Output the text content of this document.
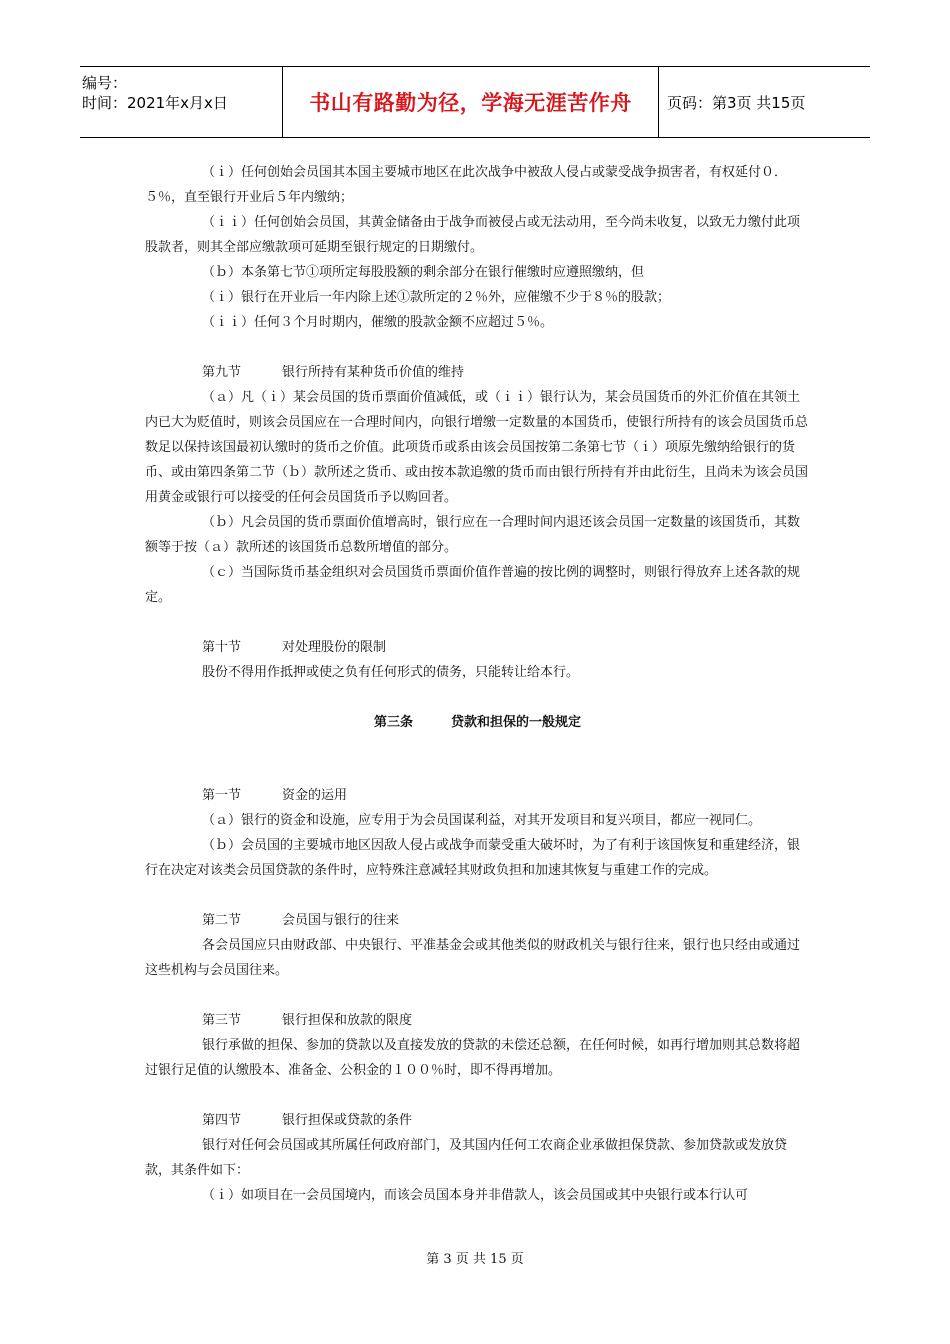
编号：
时间：2021年x月x日	书山有路勤为径，学海无涯苦作舟	页码：第3页 共15页

（ｉ）任何创始会员国其本国主要城市地区在此次战争中被敌人侵占或蒙受战争损害者，有权延付０．５％，直至银行开业后５年内缴纳；

（ｉｉ）任何创始会员国，其黄金储备由于战争而被侵占或无法动用，至今尚未收复，以致无力缴付此项股款者，则其全部应缴款项可延期至银行规定的日期缴付。

（ｂ）本条第七节①项所定每股股额的剩余部分在银行催缴时应遵照缴纳，但

（ｉ）银行在开业后一年内除上述①款所定的２％外，应催缴不少于８％的股款；

（ｉｉ）任何３个月时期内，催缴的股款金额不应超过５％。

第九节	银行所持有某种货币价值的维持

（ａ）凡（ｉ）某会员国的货币票面价值减低，或（ｉｉ）银行认为，某会员国货币的外汇价值在其领土内已大为贬值时，则该会员国应在一合理时间内，向银行增缴一定数量的本国货币，使银行所持有的该会员国货币总数足以保持该国最初认缴时的货币之价值。此项货币或系由该会员国按第二条第七节（ｉ）项原先缴纳给银行的货币、或由第四条第二节（ｂ）款所述之货币、或由按本款追缴的货币而由银行所持有并由此衍生，且尚未为该会员国用黄金或银行可以接受的任何会员国货币予以购回者。

（ｂ）凡会员国的货币票面价值增高时，银行应在一合理时间内退还该会员国一定数量的该国货币，其数额等于按（ａ）款所述的该国货币总数所增值的部分。

（ｃ）当国际货币基金组织对会员国货币票面价值作普遍的按比例的调整时，则银行得放弃上述各款的规定。

第十节	对处理股份的限制

股份不得用作抵押或使之负有任何形式的债务，只能转让给本行。

第三条	贷款和担保的一般规定

第一节	资金的运用

（ａ）银行的资金和设施，应专用于为会员国谋利益，对其开发项目和复兴项目，都应一视同仁。

（ｂ）会员国的主要城市地区因敌人侵占或战争而蒙受重大破坏时，为了有利于该国恢复和重建经济，银行在决定对该类会员国贷款的条件时，应特殊注意减轻其财政负担和加速其恢复与重建工作的完成。

第二节	会员国与银行的往来

各会员国应只由财政部、中央银行、平准基金会或其他类似的财政机关与银行往来，银行也只经由或通过这些机构与会员国往来。

第三节	银行担保和放款的限度

银行承做的担保、参加的贷款以及直接发放的贷款的未偿还总额，在任何时候，如再行增加则其总数将超过银行足值的认缴股本、准备金、公积金的１００％时，即不得再增加。

第四节	银行担保或贷款的条件

银行对任何会员国或其所属任何政府部门，及其国内任何工农商企业承做担保贷款、参加贷款或发放贷款，其条件如下：

（ｉ）如项目在一会员国境内，而该会员国本身并非借款人，该会员国或其中央银行或本行认可

第 3 页 共 15 页
